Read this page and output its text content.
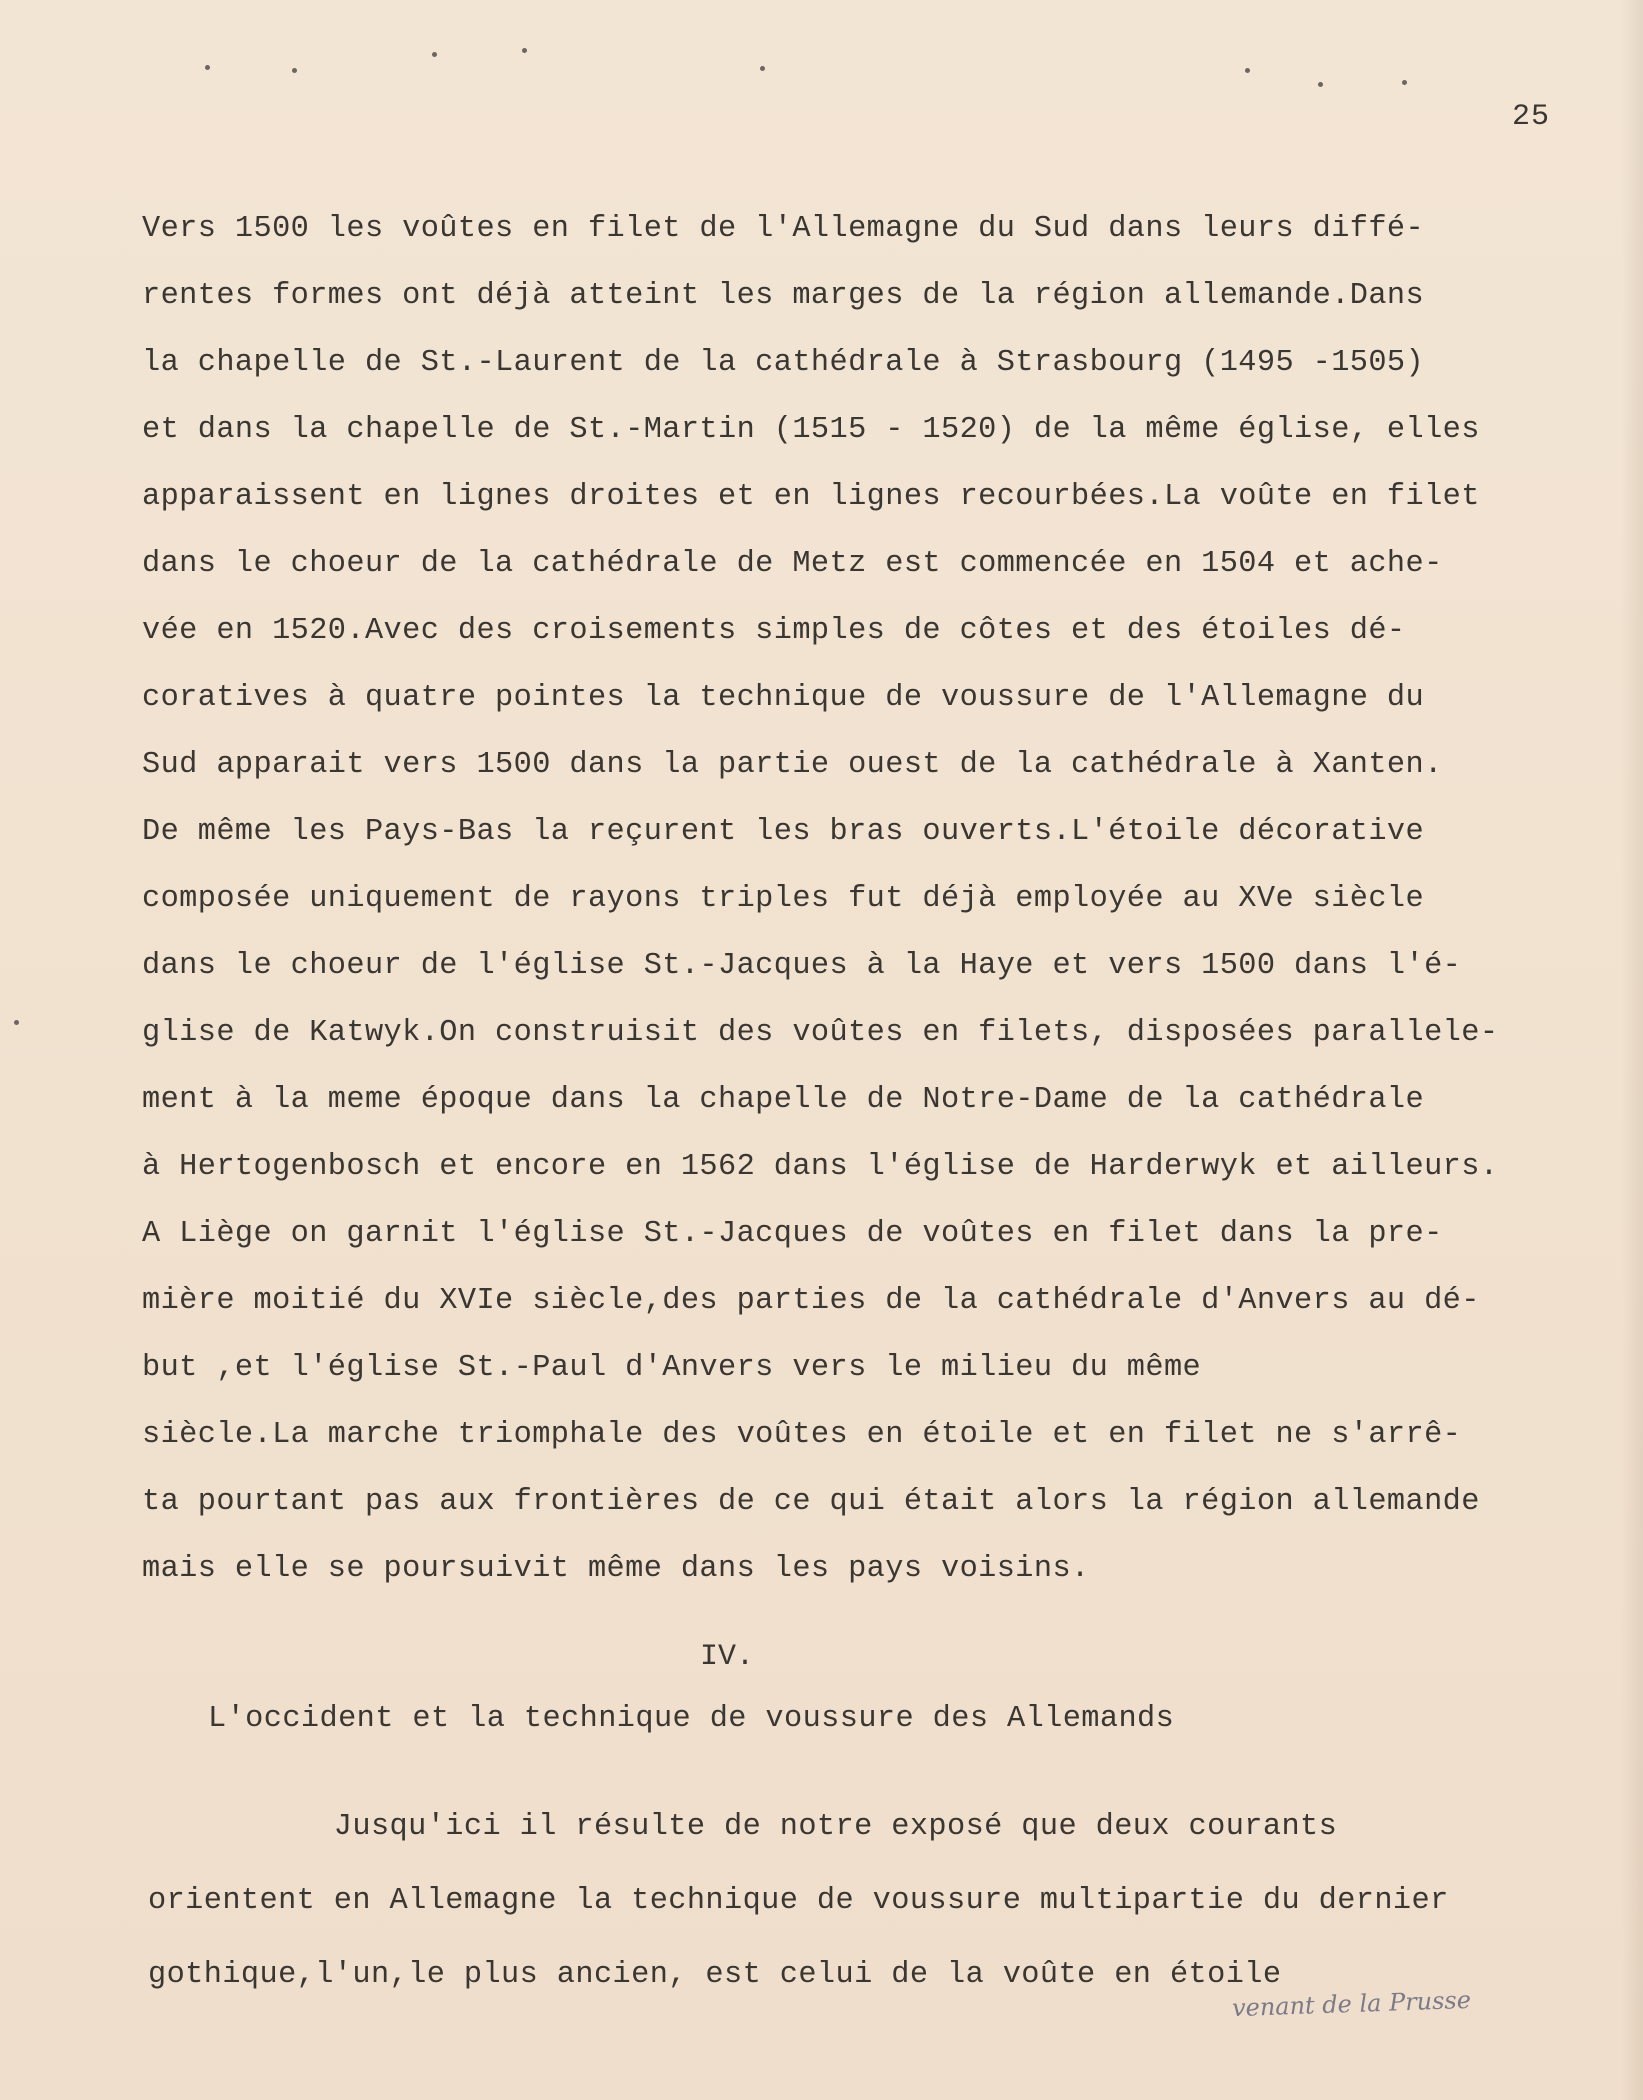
25
Vers 1500 les voûtes en filet de l'Allemagne du Sud dans leurs diffé-
rentes formes ont déjà atteint les marges de la région allemande.Dans
la chapelle de St.-Laurent de la cathédrale à Strasbourg (1495 -1505)
et dans la chapelle de St.-Martin (1515 - 1520) de la même église, elles
apparaissent en lignes droites et en lignes recourbées.La voûte en filet
dans le choeur de la cathédrale de Metz est commencée en 1504 et ache-
vée en 1520.Avec des croisements simples de côtes et des étoiles dé-
coratives à quatre pointes la technique de voussure de l'Allemagne du
Sud apparait vers 1500 dans la partie ouest de la cathédrale à Xanten.
De même les Pays-Bas la reçurent les bras ouverts.L'étoile décorative
composée uniquement de rayons triples fut déjà employée au XVe siècle
dans le choeur de l'église St.-Jacques à la Haye et vers 1500 dans l'é-
glise de Katwyk.On construisit des voûtes en filets, disposées parallele-
ment à la meme époque dans la chapelle de Notre-Dame de la cathédrale
à Hertogenbosch et encore en 1562 dans l'église de Harderwyk et ailleurs.
A Liège on garnit l'église St.-Jacques de voûtes en filet dans la pre-
mière moitié du XVIe siècle,des parties de la cathédrale d'Anvers au dé-
but ,et l'église St.-Paul d'Anvers vers le milieu du même
siècle.La marche triomphale des voûtes en étoile et en filet ne s'arrê-
ta pourtant pas aux frontières de ce qui était alors la région allemande
mais elle se poursuivit même dans les pays voisins.
IV.
L'occident et la technique de voussure des Allemands
Jusqu'ici il résulte de notre exposé que deux courants
orientent en Allemagne la technique de voussure multipartie du dernier
gothique,l'un,le plus ancien, est celui de la voûte en étoile
venant de la Prusse
